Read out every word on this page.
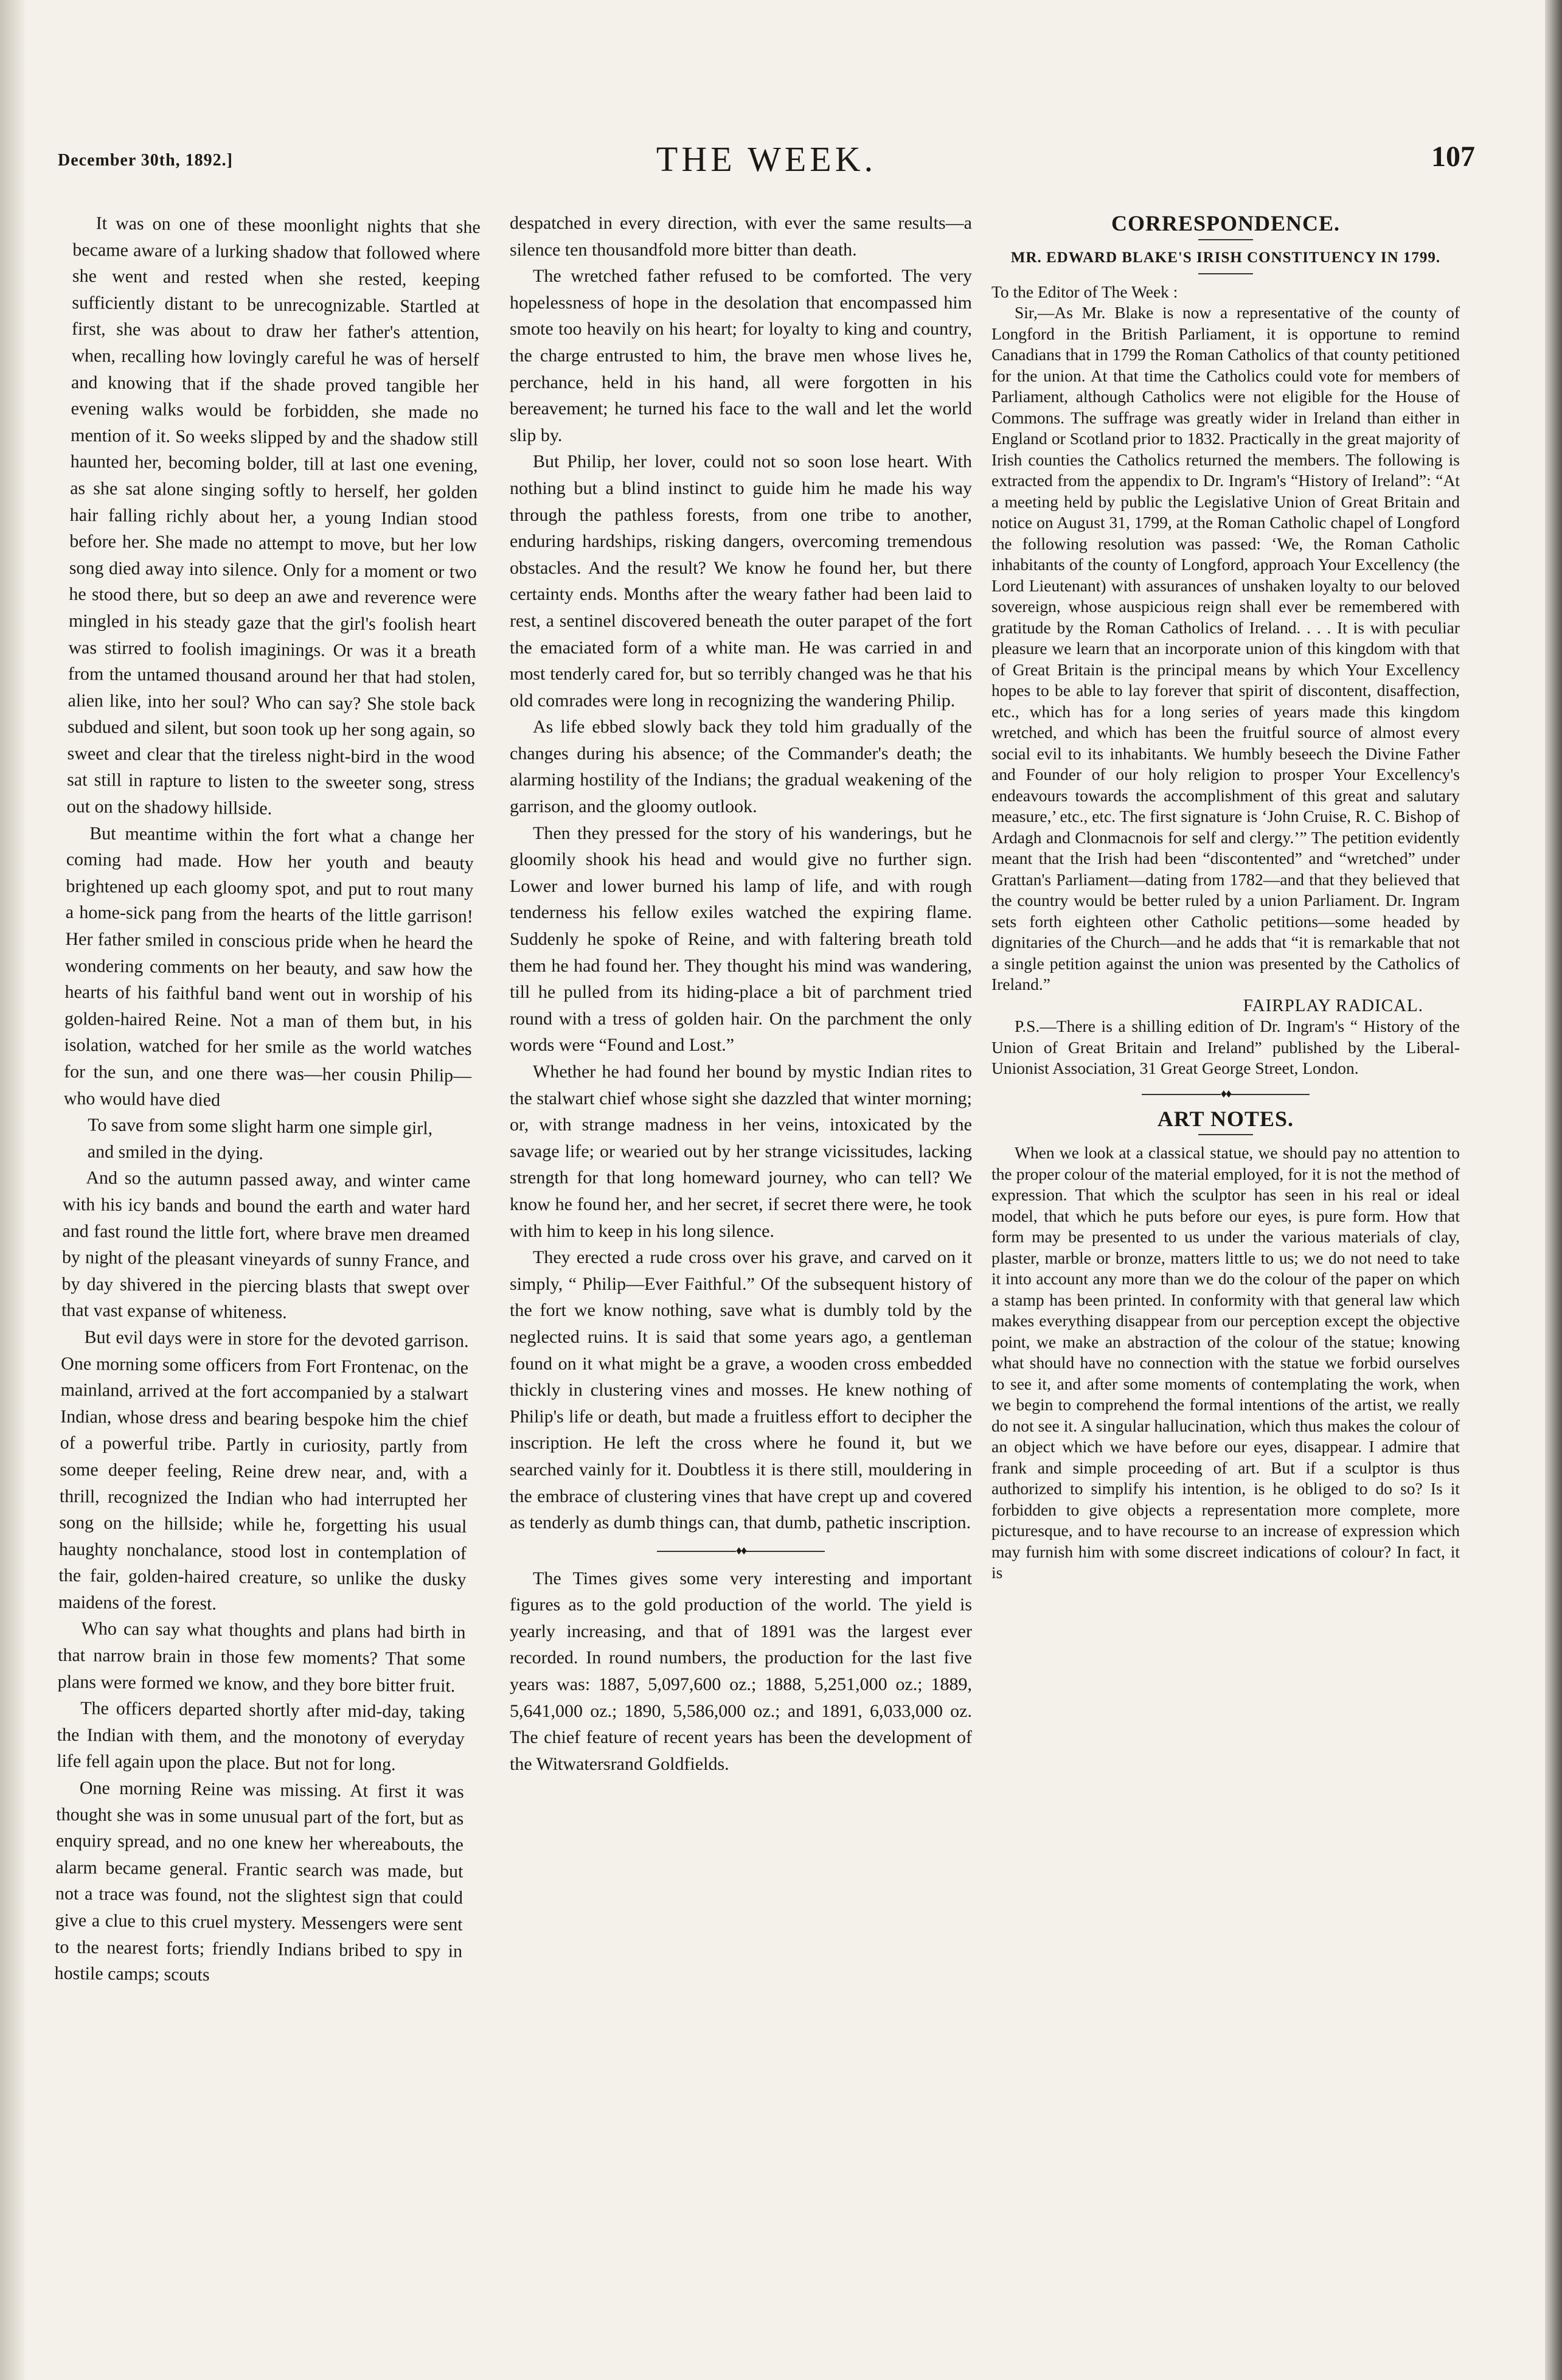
December 30th, 1892.]	THE WEEK.	107

It was on one of these moonlight nights that she became aware of a lurking shadow that followed where she went and rested when she rested, keeping sufficiently distant to be unrecognizable. Startled at first, she was about to draw her father's attention, when, recalling how lovingly careful he was of herself and knowing that if the shade proved tangible her evening walks would be forbidden, she made no mention of it. So weeks slipped by and the shadow still haunted her, becoming bolder, till at last one evening, as she sat alone singing softly to herself, her golden hair falling richly about her, a young Indian stood before her. She made no attempt to move, but her low song died away into silence. Only for a moment or two he stood there, but so deep an awe and reverence were mingled in his steady gaze that the girl's foolish heart was stirred to foolish imaginings. Or was it a breath from the untamed thousand around her that had stolen, alien like, into her soul? Who can say? She stole back subdued and silent, but soon took up her song again, so sweet and clear that the tireless night-bird in the wood sat still in rapture to listen to the sweeter song, stress out on the shadowy hillside.

But meantime within the fort what a change her coming had made. How her youth and beauty brightened up each gloomy spot, and put to rout many a home-sick pang from the hearts of the little garrison! Her father smiled in conscious pride when he heard the wondering comments on her beauty, and saw how the hearts of his faithful band went out in worship of his golden-haired Reine. Not a man of them but, in his isolation, watched for her smile as the world watches for the sun, and one there was—her cousin Philip—who would have died

To save from some slight harm one simple girl,

and smiled in the dying.

And so the autumn passed away, and winter came with his icy bands and bound the earth and water hard and fast round the little fort, where brave men dreamed by night of the pleasant vineyards of sunny France, and by day shivered in the piercing blasts that swept over that vast expanse of whiteness.

But evil days were in store for the devoted garrison. One morning some officers from Fort Frontenac, on the mainland, arrived at the fort accompanied by a stalwart Indian, whose dress and bearing bespoke him the chief of a powerful tribe. Partly in curiosity, partly from some deeper feeling, Reine drew near, and, with a thrill, recognized the Indian who had interrupted her song on the hillside; while he, forgetting his usual haughty nonchalance, stood lost in contemplation of the fair, golden-haired creature, so unlike the dusky maidens of the forest.

Who can say what thoughts and plans had birth in that narrow brain in those few moments? That some plans were formed we know, and they bore bitter fruit.

The officers departed shortly after mid-day, taking the Indian with them, and the monotony of everyday life fell again upon the place. But not for long.

One morning Reine was missing. At first it was thought she was in some unusual part of the fort, but as enquiry spread, and no one knew her whereabouts, the alarm became general. Frantic search was made, but not a trace was found, not the slightest sign that could give a clue to this cruel mystery. Messengers were sent to the nearest forts; friendly Indians bribed to spy in hostile camps; scouts

despatched in every direction, with ever the same results—a silence ten thousandfold more bitter than death.

The wretched father refused to be comforted. The very hopelessness of hope in the desolation that encompassed him smote too heavily on his heart; for loyalty to king and country, the charge entrusted to him, the brave men whose lives he, perchance, held in his hand, all were forgotten in his bereavement; he turned his face to the wall and let the world slip by.

But Philip, her lover, could not so soon lose heart. With nothing but a blind instinct to guide him he made his way through the pathless forests, from one tribe to another, enduring hardships, risking dangers, overcoming tremendous obstacles. And the result? We know he found her, but there certainty ends. Months after the weary father had been laid to rest, a sentinel discovered beneath the outer parapet of the fort the emaciated form of a white man. He was carried in and most tenderly cared for, but so terribly changed was he that his old comrades were long in recognizing the wandering Philip.

As life ebbed slowly back they told him gradually of the changes during his absence; of the Commander's death; the alarming hostility of the Indians; the gradual weakening of the garrison, and the gloomy outlook.

Then they pressed for the story of his wanderings, but he gloomily shook his head and would give no further sign. Lower and lower burned his lamp of life, and with rough tenderness his fellow exiles watched the expiring flame. Suddenly he spoke of Reine, and with faltering breath told them he had found her. They thought his mind was wandering, till he pulled from its hiding-place a bit of parchment tried round with a tress of golden hair. On the parchment the only words were “Found and Lost.”

Whether he had found her bound by mystic Indian rites to the stalwart chief whose sight she dazzled that winter morning; or, with strange madness in her veins, intoxicated by the savage life; or wearied out by her strange vicissitudes, lacking strength for that long homeward journey, who can tell? We know he found her, and her secret, if secret there were, he took with him to keep in his long silence.

They erected a rude cross over his grave, and carved on it simply, “ Philip—Ever Faithful.” Of the subsequent history of the fort we know nothing, save what is dumbly told by the neglected ruins. It is said that some years ago, a gentleman found on it what might be a grave, a wooden cross embedded thickly in clustering vines and mosses. He knew nothing of Philip's life or death, but made a fruitless effort to decipher the inscription. He left the cross where he found it, but we searched vainly for it. Doubtless it is there still, mouldering in the embrace of clustering vines that have crept up and covered as tenderly as dumb things can, that dumb, pathetic inscription.

♦♦

The Times gives some very interesting and important figures as to the gold production of the world. The yield is yearly increasing, and that of 1891 was the largest ever recorded. In round numbers, the production for the last five years was: 1887, 5,097,600 oz.; 1888, 5,251,000 oz.; 1889, 5,641,000 oz.; 1890, 5,586,000 oz.; and 1891, 6,033,000 oz. The chief feature of recent years has been the development of the Witwatersrand Goldfields.

CORRESPONDENCE.

MR. EDWARD BLAKE'S IRISH CONSTITUENCY IN 1799.

To the Editor of The Week :

Sir,—As Mr. Blake is now a representative of the county of Longford in the British Parliament, it is opportune to remind Canadians that in 1799 the Roman Catholics of that county petitioned for the union. At that time the Catholics could vote for members of Parliament, although Catholics were not eligible for the House of Commons. The suffrage was greatly wider in Ireland than either in England or Scotland prior to 1832. Practically in the great majority of Irish counties the Catholics returned the members. The following is extracted from the appendix to Dr. Ingram's “History of Ireland”: “At a meeting held by public the Legislative Union of Great Britain and notice on August 31, 1799, at the Roman Catholic chapel of Longford the following resolution was passed: ‘We, the Roman Catholic inhabitants of the county of Longford, approach Your Excellency (the Lord Lieutenant) with assurances of unshaken loyalty to our beloved sovereign, whose auspicious reign shall ever be remembered with gratitude by the Roman Catholics of Ireland. . . . It is with peculiar pleasure we learn that an incorporate union of this kingdom with that of Great Britain is the principal means by which Your Excellency hopes to be able to lay forever that spirit of discontent, disaffection, etc., which has for a long series of years made this kingdom wretched, and which has been the fruitful source of almost every social evil to its inhabitants. We humbly beseech the Divine Father and Founder of our holy religion to prosper Your Excellency's endeavours towards the accomplishment of this great and salutary measure,’ etc., etc. The first signature is ‘John Cruise, R. C. Bishop of Ardagh and Clonmacnois for self and clergy.’” The petition evidently meant that the Irish had been “discontented” and “wretched” under Grattan's Parliament—dating from 1782—and that they believed that the country would be better ruled by a union Parliament. Dr. Ingram sets forth eighteen other Catholic petitions—some headed by dignitaries of the Church—and he adds that “it is remarkable that not a single petition against the union was presented by the Catholics of Ireland.”

FAIRPLAY RADICAL.

P.S.—There is a shilling edition of Dr. Ingram's “ History of the Union of Great Britain and Ireland” published by the Liberal-Unionist Association, 31 Great George Street, London.

♦♦

ART NOTES.

When we look at a classical statue, we should pay no attention to the proper colour of the material employed, for it is not the method of expression. That which the sculptor has seen in his real or ideal model, that which he puts before our eyes, is pure form. How that form may be presented to us under the various materials of clay, plaster, marble or bronze, matters little to us; we do not need to take it into account any more than we do the colour of the paper on which a stamp has been printed. In conformity with that general law which makes everything disappear from our perception except the objective point, we make an abstraction of the colour of the statue; knowing what should have no connection with the statue we forbid ourselves to see it, and after some moments of contemplating the work, when we begin to comprehend the formal intentions of the artist, we really do not see it. A singular hallucination, which thus makes the colour of an object which we have before our eyes, disappear. I admire that frank and simple proceeding of art. But if a sculptor is thus authorized to simplify his intention, is he obliged to do so? Is it forbidden to give objects a representation more complete, more picturesque, and to have recourse to an increase of expression which may furnish him with some discreet indications of colour? In fact, it is
